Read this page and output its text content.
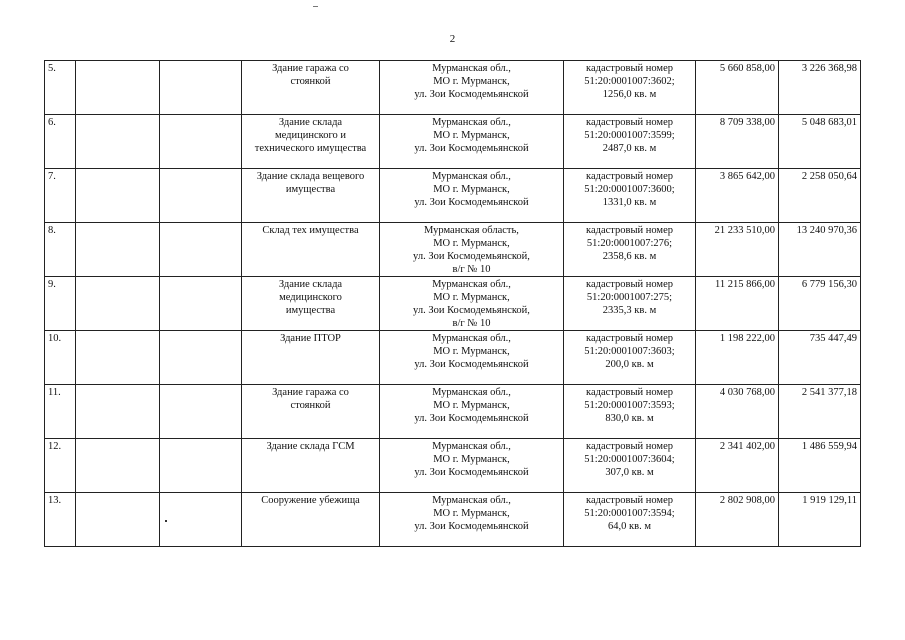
2
5.			Здание гаража со
стоянкой	Мурманская обл.,
МО г. Мурманск,
ул. Зои Космодемьянской	кадастровый номер
51:20:0001007:3602;
1256,0 кв. м	5 660 858,00	3 226 368,98
6.			Здание склада
медицинского и
технического имущества	Мурманская обл.,
МО г. Мурманск,
ул. Зои Космодемьянской	кадастровый номер
51:20:0001007:3599;
2487,0 кв. м	8 709 338,00	5 048 683,01
7.			Здание склада вещевого
имущества	Мурманская обл.,
МО г. Мурманск,
ул. Зои Космодемьянской	кадастровый номер
51:20:0001007:3600;
1331,0 кв. м	3 865 642,00	2 258 050,64
8.			Склад тех имущества	Мурманская область,
МО г. Мурманск,
ул. Зои Космодемьянской,
в/г № 10	кадастровый номер
51:20:0001007:276;
2358,6 кв. м	21 233 510,00	13 240 970,36
9.			Здание склада
медицинского
имущества	Мурманская обл.,
МО г. Мурманск,
ул. Зои Космодемьянской,
в/г № 10	кадастровый номер
51:20:0001007:275;
2335,3 кв. м	11 215 866,00	6 779 156,30
10.			Здание ПТОР	Мурманская обл.,
МО г. Мурманск,
ул. Зои Космодемьянской	кадастровый номер
51:20:0001007:3603;
200,0 кв. м	1 198 222,00	735 447,49
11.			Здание гаража со
стоянкой	Мурманская обл.,
МО г. Мурманск,
ул. Зои Космодемьянской	кадастровый номер
51:20:0001007:3593;
830,0 кв. м	4 030 768,00	2 541 377,18
12.			Здание склада ГСМ	Мурманская обл.,
МО г. Мурманск,
ул. Зои Космодемьянской	кадастровый номер
51:20:0001007:3604;
307,0 кв. м	2 341 402,00	1 486 559,94
13.			Сооружение убежища	Мурманская обл.,
МО г. Мурманск,
ул. Зои Космодемьянской	кадастровый номер
51:20:0001007:3594;
64,0 кв. м	2 802 908,00	1 919 129,11
